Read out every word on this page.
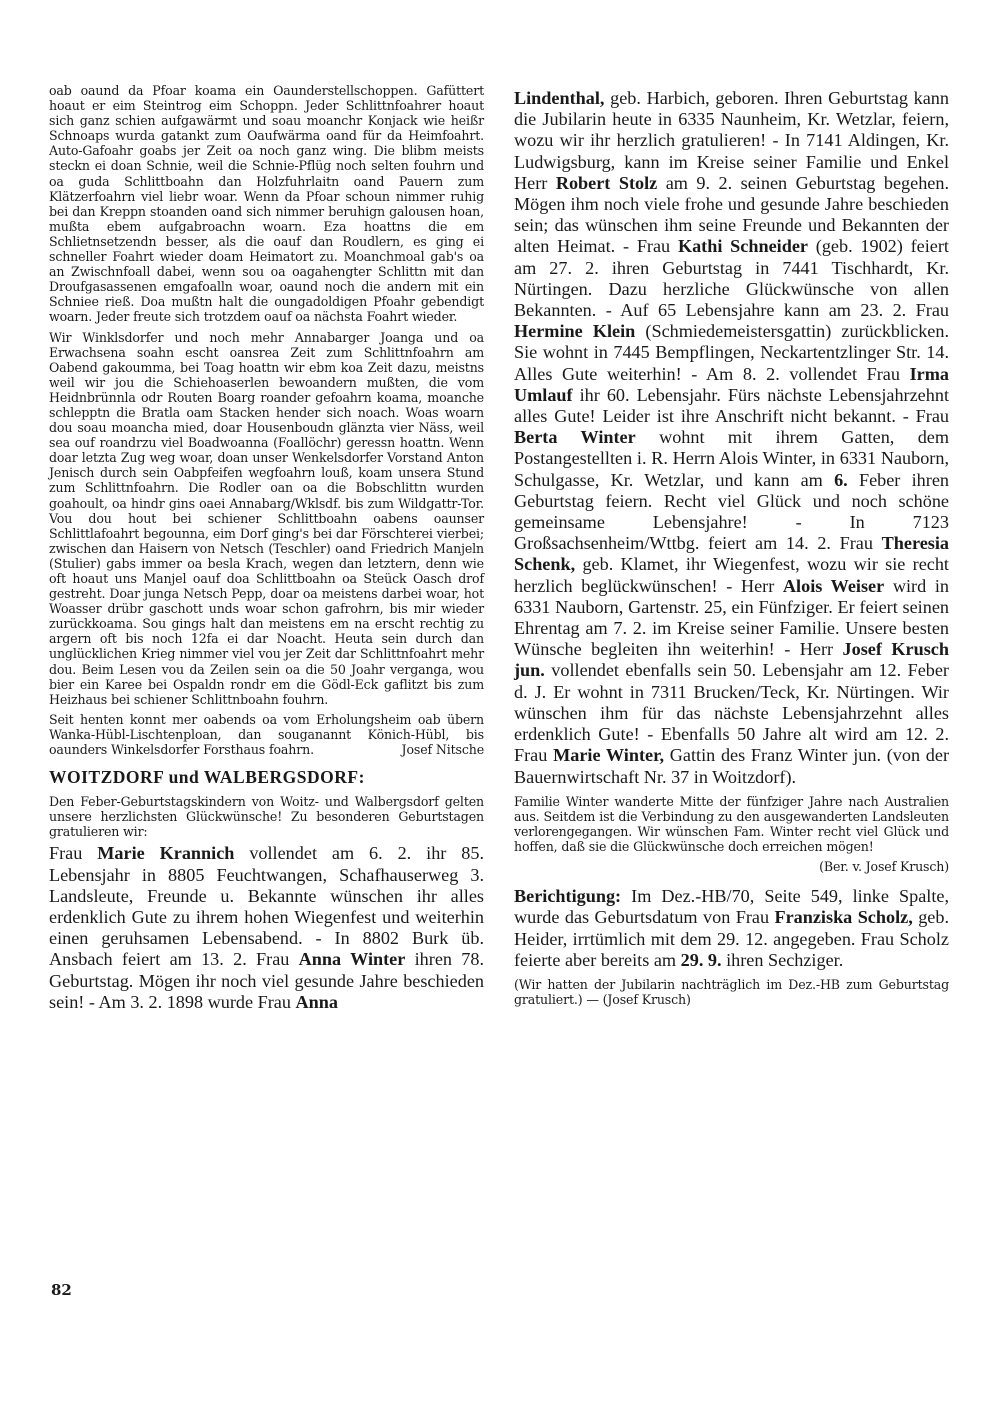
oab oaund da Pfoar koama ein Oaunderstellschoppen. Gafüttert hoaut er eim Steintrog eim Schoppn. Jeder Schlittnfoahrer hoaut sich ganz schien aufgawärmt und soau moanchr Konjack wie heißr Schnoaps wurda gatankt zum Oaufwärma oand für da Heimfoahrt. Auto-Gafoahr goabs jer Zeit oa noch ganz wing. Die blibm meists steckn ei doan Schnie, weil die Schnie-Pflüg noch selten fouhrn und oa guda Schlittboahn dan Holzfuhrlaitn oand Pauern zum Klätzerfoahrn viel liebr woar. Wenn da Pfoar schoun nimmer ruhig bei dan Kreppn stoanden oand sich nimmer beruhign galousen hoan, mußta ebem aufgabroachn woarn. Eza hoattns die em Schlietnsetzendn besser, als die oauf dan Roudlern, es ging ei schneller Foahrt wieder doam Heimatort zu. Moanchmoal gab's oa an Zwischnfoall dabei, wenn sou oa oagahengter Schlittn mit dan Droufgasassenen emgafoalln woar, oaund noch die andern mit ein Schniee rieß. Doa mußtn halt die oungadoldigen Pfoahr gebendigt woarn. Jeder freute sich trotzdem oauf oa nächsta Foahrt wieder.

Wir Winklsdorfer und noch mehr Annabarger Joanga und oa Erwachsena soahn escht oansrea Zeit zum Schlittnfoahrn am Oabend gakoumma, bei Toag hoattn wir ebm koa Zeit dazu, meistns weil wir jou die Schiehoaserlen bewoandern mußten, die vom Heidnbrünnla odr Routen Boarg roander gefoahrn koama, moanche schlepptn die Bratla oam Stacken hender sich noach. Woas woarn dou soau moancha mied, doar Housenboudn glänzta vier Näss, weil sea ouf roandrzu viel Boadwoanna (Foallöchr) geressn hoattn. Wenn doar letzta Zug weg woar, doan unser Wenkelsdorfer Vorstand Anton Jenisch durch sein Oabpfeifen wegfoahrn louß, koam unsera Stund zum Schlittnfoahrn. Die Rodler oan oa die Bobschlittn wurden goahoult, oa hindr gins oaei Annabarg/Wklsdf. bis zum Wildgattr-Tor. Vou dou hout bei schiener Schlittboahn oabens oaunser Schlittlafoahrt begounna, eim Dorf ging's bei dar Förschterei vierbei; zwischen dan Haisern von Netsch (Teschler) oand Friedrich Manjeln (Stulier) gabs immer oa besla Krach, wegen dan letztern, denn wie oft hoaut uns Manjel oauf doa Schlittboahn oa Steück Oasch drof gestreht. Doar junga Netsch Pepp, doar oa meistens darbei woar, hot Woasser drübr gaschott unds woar schon gafrohrn, bis mir wieder zurückkoama. Sou gings halt dan meistens em na erscht rechtig zu argern oft bis noch 12fa ei dar Noacht. Heuta sein durch dan unglücklichen Krieg nimmer viel vou jer Zeit dar Schlittnfoahrt mehr dou. Beim Lesen vou da Zeilen sein oa die 50 Joahr verganga, wou bier ein Karee bei Ospaldn rondr em die Gödl-Eck gaflitzt bis zum Heizhaus bei schiener Schlittnboahn fouhrn.

Seit henten konnt mer oabends oa vom Erholungsheim oab übern Wanka-Hübl-Lischtenploan, dan souganannt Könich-Hübl, bis oaunders Winkelsdorfer Forsthaus foahrn.	Josef Nitsche
WOITZDORF und WALBERGSDORF:

Den Feber-Geburtstagskindern von Woitz- und Walbergsdorf gelten unsere herzlichsten Glückwünsche! Zu besonderen Geburtstagen gratulieren wir:

Frau Marie Krannich vollendet am 6. 2. ihr 85. Lebensjahr in 8805 Feuchtwangen, Schafhauserweg 3. Landsleute, Freunde u. Bekannte wünschen ihr alles erdenklich Gute zu ihrem hohen Wiegenfest und weiterhin einen geruhsamen Lebensabend. - In 8802 Burk üb. Ansbach feiert am 13. 2. Frau Anna Winter ihren 78. Geburtstag. Mögen ihr noch viel gesunde Jahre beschieden sein! - Am 3. 2. 1898 wurde Frau Anna

Lindenthal, geb. Harbich, geboren. Ihren Geburtstag kann die Jubilarin heute in 6335 Naunheim, Kr. Wetzlar, feiern, wozu wir ihr herzlich gratulieren! - In 7141 Aldingen, Kr. Ludwigsburg, kann im Kreise seiner Familie und Enkel Herr Robert Stolz am 9. 2. seinen Geburtstag begehen. Mögen ihm noch viele frohe und gesunde Jahre beschieden sein; das wünschen ihm seine Freunde und Bekannten der alten Heimat. - Frau Kathi Schneider (geb. 1902) feiert am 27. 2. ihren Geburtstag in 7441 Tischhardt, Kr. Nürtingen. Dazu herzliche Glückwünsche von allen Bekannten. - Auf 65 Lebensjahre kann am 23. 2. Frau Hermine Klein (Schmiedemeistersgattin) zurückblicken. Sie wohnt in 7445 Bempflingen, Neckartentzlinger Str. 14. Alles Gute weiterhin! - Am 8. 2. vollendet Frau Irma Umlauf ihr 60. Lebensjahr. Fürs nächste Lebensjahrzehnt alles Gute! Leider ist ihre Anschrift nicht bekannt. - Frau Berta Winter wohnt mit ihrem Gatten, dem Postangestellten i. R. Herrn Alois Winter, in 6331 Nauborn, Schulgasse, Kr. Wetzlar, und kann am 6. Feber ihren Geburtstag feiern. Recht viel Glück und noch schöne gemeinsame Lebensjahre! - In 7123 Großsachsenheim/Wttbg. feiert am 14. 2. Frau Theresia Schenk, geb. Klamet, ihr Wiegenfest, wozu wir sie recht herzlich beglückwünschen! - Herr Alois Weiser wird in 6331 Nauborn, Gartenstr. 25, ein Fünfziger. Er feiert seinen Ehrentag am 7. 2. im Kreise seiner Familie. Unsere besten Wünsche begleiten ihn weiterhin! - Herr Josef Krusch jun. vollendet ebenfalls sein 50. Lebensjahr am 12. Feber d. J. Er wohnt in 7311 Brucken/Teck, Kr. Nürtingen. Wir wünschen ihm für das nächste Lebensjahrzehnt alles erdenklich Gute! - Ebenfalls 50 Jahre alt wird am 12. 2. Frau Marie Winter, Gattin des Franz Winter jun. (von der Bauernwirtschaft Nr. 37 in Woitzdorf).

Familie Winter wanderte Mitte der fünfziger Jahre nach Australien aus. Seitdem ist die Verbindung zu den ausgewanderten Landsleuten verlorengegangen. Wir wünschen Fam. Winter recht viel Glück und hoffen, daß sie die Glückwünsche doch erreichen mögen!

(Ber. v. Josef Krusch)

Berichtigung: Im Dez.-HB/70, Seite 549, linke Spalte, wurde das Geburtsdatum von Frau Franziska Scholz, geb. Heider, irrtümlich mit dem 29. 12. angegeben. Frau Scholz feierte aber bereits am 29. 9. ihren Sechziger.

(Wir hatten der Jubilarin nachträglich im Dez.-HB zum Geburtstag gratuliert.) — (Josef Krusch)

82
